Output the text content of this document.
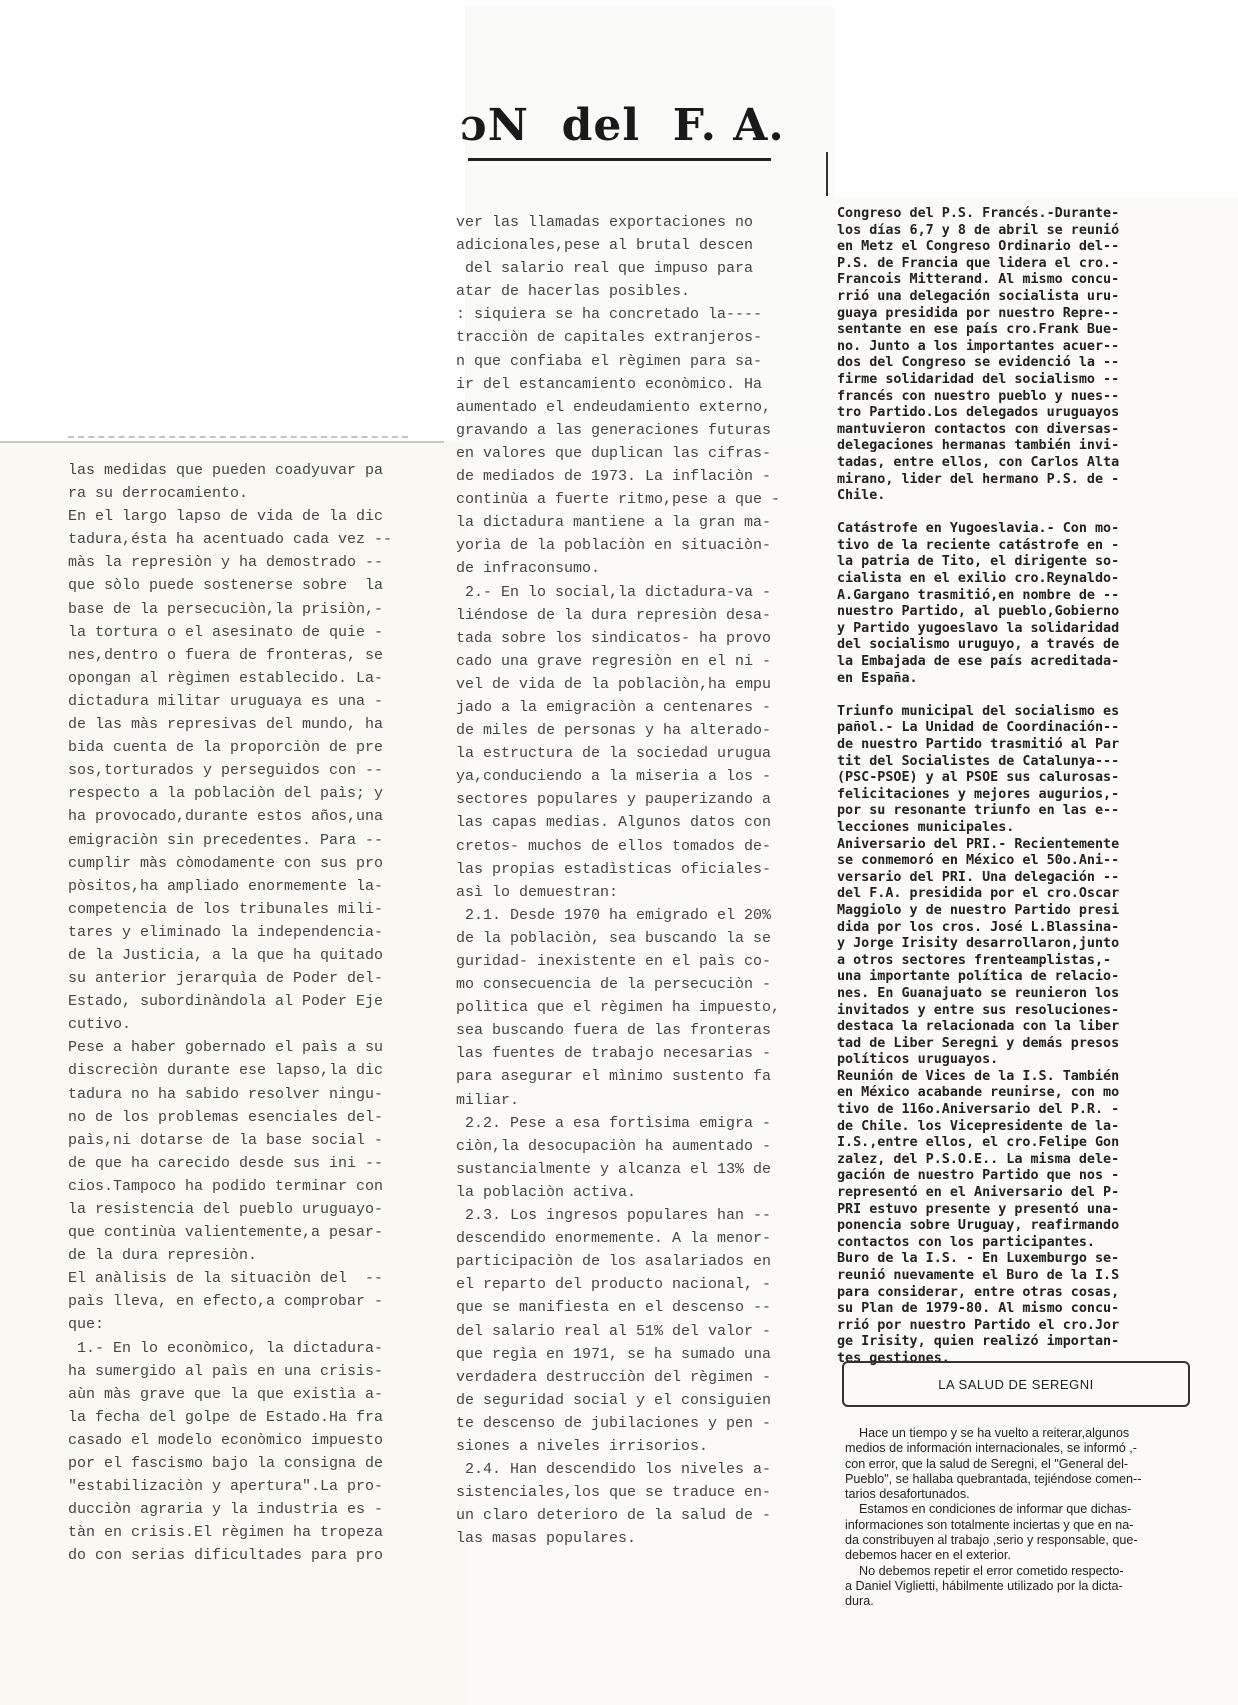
ɔN  del  F. A.
las medidas que pueden coadyuvar pa
ra su derrocamiento.
En el largo lapso de vida de la dic
tadura,ésta ha acentuado cada vez --
màs la represiòn y ha demostrado --
que sòlo puede sostenerse sobre  la
base de la persecuciòn,la prisiòn,-
la tortura o el asesinato de quie -
nes,dentro o fuera de fronteras, se
opongan al règimen establecido. La-
dictadura militar uruguaya es una -
de las màs represivas del mundo, ha
bida cuenta de la proporciòn de pre
sos,torturados y perseguidos con --
respecto a la poblaciòn del paìs; y
ha provocado,durante estos años,una
emigraciòn sin precedentes. Para --
cumplir màs còmodamente con sus pro
pòsitos,ha ampliado enormemente la-
competencia de los tribunales mili-
tares y eliminado la independencia-
de la Justicia, a la que ha quitado
su anterior jerarquìa de Poder del-
Estado, subordinàndola al Poder Eje
cutivo.
Pese a haber gobernado el paìs a su
discreciòn durante ese lapso,la dic
tadura no ha sabido resolver ningu-
no de los problemas esenciales del-
paìs,ni dotarse de la base social -
de que ha carecido desde sus ini --
cios.Tampoco ha podido terminar con
la resistencia del pueblo uruguayo-
que continùa valientemente,a pesar-
de la dura represiòn.
El anàlisis de la situaciòn del  --
paìs lleva, en efecto,a comprobar -
que:
1.- En lo econòmico, la dictadura-
ha sumergido al paìs en una crisis-
aùn màs grave que la que existìa a-
la fecha del golpe de Estado.Ha fra
casado el modelo econòmico impuesto
por el fascismo bajo la consigna de
"estabilizaciòn y apertura".La pro-
ducciòn agraria y la industria es -
tàn en crisis.El règimen ha tropeza
do con serias dificultades para pro
ver las llamadas exportaciones no
adicionales,pese al brutal descen
del salario real que impuso para
atar de hacerlas posibles.
: siquiera se ha concretado la----
tracciòn de capitales extranjeros-
n que confiaba el règimen para sa-
ir del estancamiento econòmico. Ha
aumentado el endeudamiento externo,
gravando a las generaciones futuras
en valores que duplican las cifras-
de mediados de 1973. La inflaciòn -
continùa a fuerte ritmo,pese a que -
la dictadura mantiene a la gran ma-
yorìa de la poblaciòn en situaciòn-
de infraconsumo.
2.- En lo social,la dictadura-va -
liéndose de la dura represiòn desa-
tada sobre los sindicatos- ha provo
cado una grave regresiòn en el ni -
vel de vida de la poblaciòn,ha empu
jado a la emigraciòn a centenares -
de miles de personas y ha alterado-
la estructura de la sociedad urugua
ya,conduciendo a la miseria a los -
sectores populares y pauperizando a
las capas medias. Algunos datos con
cretos- muchos de ellos tomados de-
las propias estadìsticas oficiales-
asì lo demuestran:
2.1. Desde 1970 ha emigrado el 20%
de la poblaciòn, sea buscando la se
guridad- inexistente en el paìs co-
mo consecuencia de la persecuciòn -
polìtica que el règimen ha impuesto,
sea buscando fuera de las fronteras
las fuentes de trabajo necesarias -
para asegurar el mìnimo sustento fa
miliar.
2.2. Pese a esa fortìsima emigra -
ciòn,la desocupaciòn ha aumentado -
sustancialmente y alcanza el 13% de
la poblaciòn activa.
2.3. Los ingresos populares han --
descendido enormemente. A la menor-
participaciòn de los asalariados en
el reparto del producto nacional, -
que se manifiesta en el descenso --
del salario real al 51% del valor -
que regìa en 1971, se ha sumado una
verdadera destrucciòn del règimen -
de seguridad social y el consiguien
te descenso de jubilaciones y pen -
siones a niveles irrisorios.
2.4. Han descendido los niveles a-
sistenciales,los que se traduce en-
un claro deterioro de la salud de -
las masas populares.
Congreso del P.S. Francés.-Durante-
los días 6,7 y 8 de abril se reunió
en Metz el Congreso Ordinario del--
P.S. de Francia que lidera el cro.-
Francois Mitterand. Al mismo concu-
rrió una delegación socialista uru-
guaya presidida por nuestro Repre--
sentante en ese país cro.Frank Bue-
no. Junto a los importantes acuer--
dos del Congreso se evidenció la --
firme solidaridad del socialismo --
francés con nuestro pueblo y nues--
tro Partido.Los delegados uruguayos
mantuvieron contactos con diversas-
delegaciones hermanas también invi-
tadas, entre ellos, con Carlos Alta
mirano, lider del hermano P.S. de -
Chile.

Catástrofe en Yugoeslavia.- Con mo-
tivo de la reciente catástrofe en -
la patria de Tito, el dirigente so-
cialista en el exilio cro.Reynaldo-
A.Gargano trasmitió,en nombre de --
nuestro Partido, al pueblo,Gobierno
y Partido yugoeslavo la solidaridad
del socialismo uruguyo, a través de
la Embajada de ese país acreditada-
en España.

Triunfo municipal del socialismo es
pañol.- La Unidad de Coordinación--
de nuestro Partido trasmitió al Par
tit del Socialistes de Catalunya---
(PSC-PSOE) y al PSOE sus calurosas-
felicitaciones y mejores augurios,-
por su resonante triunfo en las e--
lecciones municipales.
Aniversario del PRI.- Recientemente
se conmemoró en México el 50o.Ani--
versario del PRI. Una delegación --
del F.A. presidida por el cro.Oscar
Maggiolo y de nuestro Partido presi
dida por los cros. José L.Blassina-
y Jorge Irisity desarrollaron,junto
a otros sectores frenteamplistas,-
una importante política de relacio-
nes. En Guanajuato se reunieron los
invitados y entre sus resoluciones-
destaca la relacionada con la liber
tad de Liber Seregni y demás presos
políticos uruguayos.
Reunión de Vices de la I.S. También
en México acabande reunirse, con mo
tivo de 116o.Aniversario del P.R. -
de Chile. los Vicepresidente de la-
I.S.,entre ellos, el cro.Felipe Gon
zalez, del P.S.O.E.. La misma dele-
gación de nuestro Partido que nos -
representó en el Aniversario del P-
PRI estuvo presente y presentó una-
ponencia sobre Uruguay, reafirmando
contactos con los participantes.
Buro de la I.S. - En Luxemburgo se-
reunió nuevamente el Buro de la I.S
para considerar, entre otras cosas,
su Plan de 1979-80. Al mismo concu-
rrió por nuestro Partido el cro.Jor
ge Irisity, quien realizó importan-
tes gestiones.
LA SALUD DE SEREGNI
Hace un tiempo y se ha vuelto a reiterar,algunos
medios de información internacionales, se informó ,-
con error, que la salud de Seregni, el "General del-
Pueblo", se hallaba quebrantada, tejiéndose comen--
tarios desafortunados.
Estamos en condiciones de informar que dichas-
informaciones son totalmente inciertas y que en na-
da constribuyen al trabajo ,serio y responsable, que-
debemos hacer en el exterior.
No debemos repetir el error cometido respecto-
a Daniel Viglietti, hábilmente utilizado por la dicta-
dura.
